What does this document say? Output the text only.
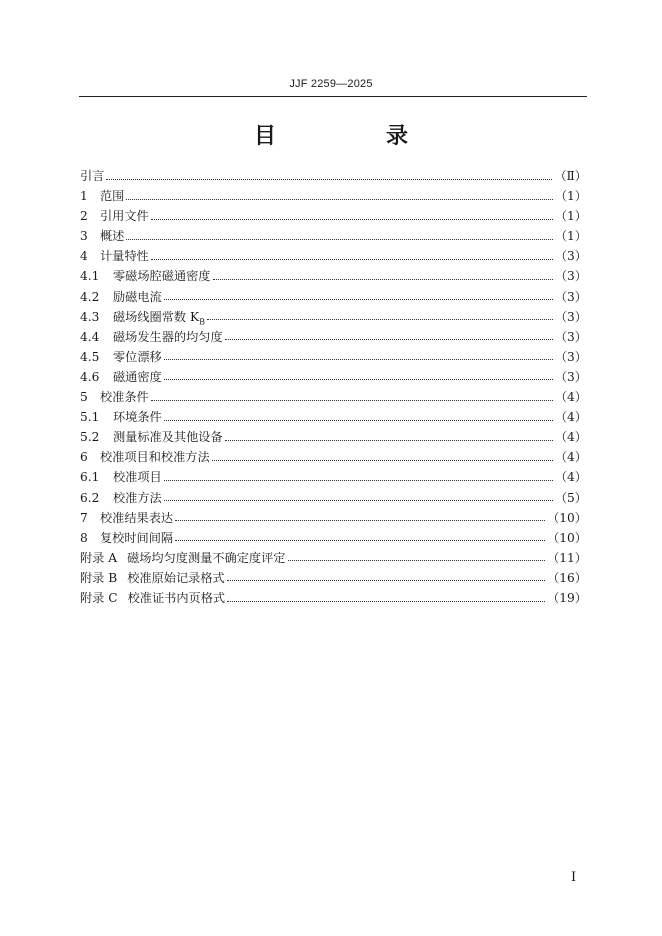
JJF 2259—2025
目　录
引言	（Ⅱ）
1	范围	（1）
2	引用文件	（1）
3	概述	（1）
4	计量特性	（3）
4.1	零磁场腔磁通密度	（3）
4.2	励磁电流	（3）
4.3	磁场线圈常数 $K_B$	（3）
4.4	磁场发生器的均匀度	（3）
4.5	零位漂移	（3）
4.6	磁通密度	（3）
5	校准条件	（4）
5.1	环境条件	（4）
5.2	测量标准及其他设备	（4）
6	校准项目和校准方法	（4）
6.1	校准项目	（4）
6.2	校准方法	（5）
7	校准结果表达	（10）
8	复校时间间隔	（10）
附录 A 磁场均匀度测量不确定度评定	（11）
附录 B 校准原始记录格式	（16）
附录 C 校准证书内页格式	（19）
I
